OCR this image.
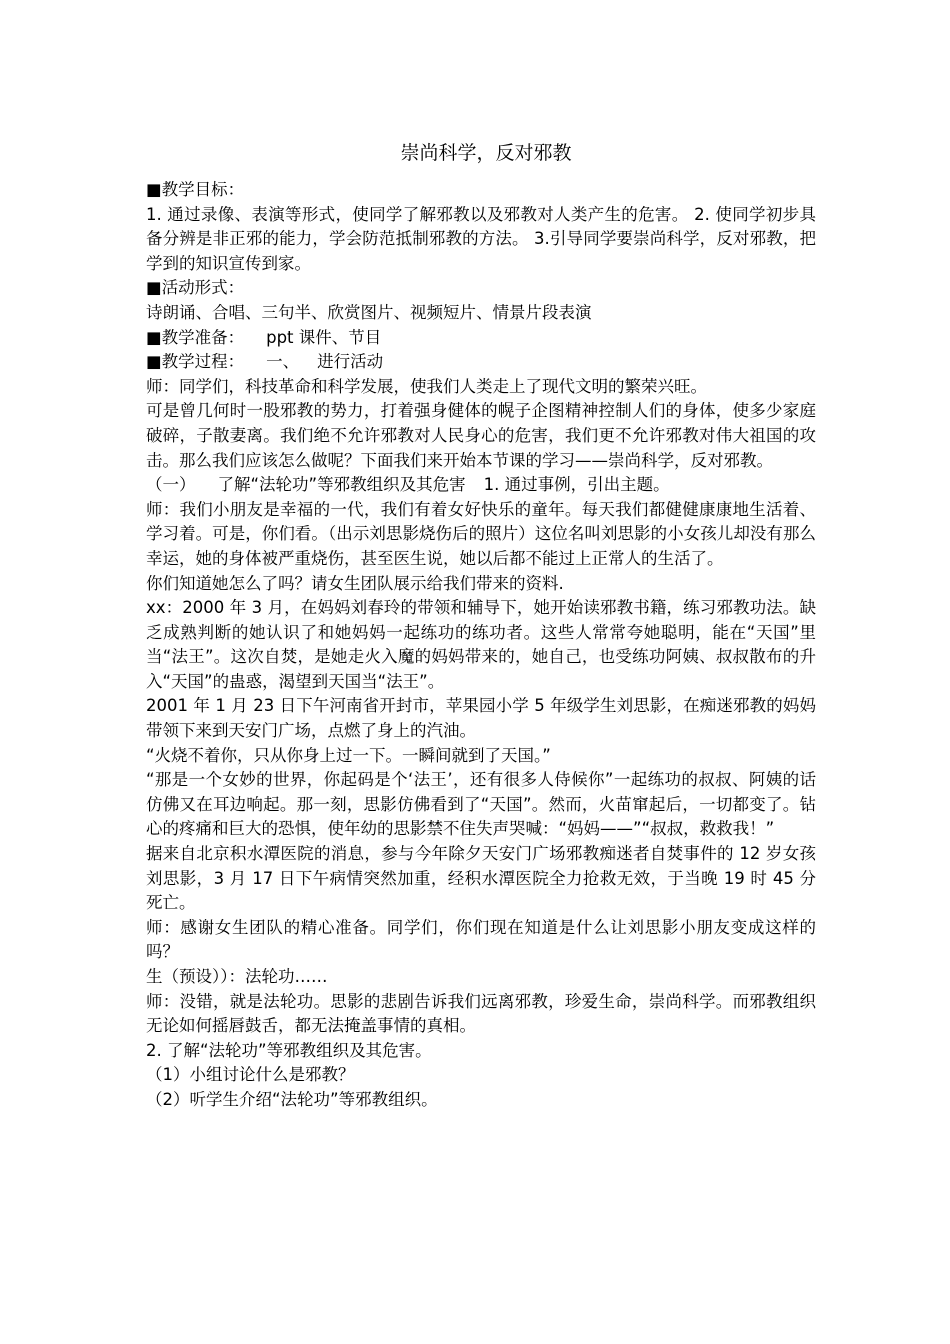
崇尚科学，反对邪教

■教学目标：

1. 通过录像、表演等形式，使同学了解邪教以及邪教对人类产生的危害。 2. 使同学初步具备分辨是非正邪的能力，学会防范抵制邪教的方法。 3.引导同学要崇尚科学，反对邪教，把学到的知识宣传到家。

■活动形式：

诗朗诵、合唱、三句半、欣赏图片、视频短片、情景片段表演

■教学准备： ppt 课件、节目

■教学过程： 一、 进行活动

师：同学们，科技革命和科学发展，使我们人类走上了现代文明的繁荣兴旺。

可是曾几何时一股邪教的势力，打着强身健体的幌子企图精神控制人们的身体，使多少家庭破碎，子散妻离。我们绝不允许邪教对人民身心的危害，我们更不允许邪教对伟大祖国的攻击。那么我们应该怎么做呢？下面我们来开始本节课的学习——崇尚科学，反对邪教。

（一） 了解“法轮功”等邪教组织及其危害 1. 通过事例，引出主题。

师：我们小朋友是幸福的一代，我们有着女好快乐的童年。每天我们都健健康康地生活着、学习着。可是，你们看。（出示刘思影烧伤后的照片）这位名叫刘思影的小女孩儿却没有那么幸运，她的身体被严重烧伤，甚至医生说，她以后都不能过上正常人的生活了。

你们知道她怎么了吗？请女生团队展示给我们带来的资料.

xx：2000 年 3 月，在妈妈刘春玲的带领和辅导下，她开始读邪教书籍，练习邪教功法。缺乏成熟判断的她认识了和她妈妈一起练功的练功者。这些人常常夸她聪明，能在“天国”里当“法王”。这次自焚，是她走火入魔的妈妈带来的，她自己，也受练功阿姨、叔叔散布的升入“天国”的蛊惑，渴望到天国当“法王”。

2001 年 1 月 23 日下午河南省开封市，苹果园小学 5 年级学生刘思影，在痴迷邪教的妈妈带领下来到天安门广场，点燃了身上的汽油。

“火烧不着你，只从你身上过一下。一瞬间就到了天国。”

“那是一个女妙的世界，你起码是个‘法王’，还有很多人侍候你”一起练功的叔叔、阿姨的话仿佛又在耳边响起。那一刻，思影仿佛看到了“天国”。然而，火苗窜起后，一切都变了。钻心的疼痛和巨大的恐惧，使年幼的思影禁不住失声哭喊：“妈妈——”“叔叔，救救我！”

据来自北京积水潭医院的消息，参与今年除夕天安门广场邪教痴迷者自焚事件的 12 岁女孩刘思影，3 月 17 日下午病情突然加重，经积水潭医院全力抢救无效，于当晚 19 时 45 分死亡。

师：感谢女生团队的精心准备。同学们，你们现在知道是什么让刘思影小朋友变成这样的吗？

生（预设））：法轮功……

师：没错，就是法轮功。思影的悲剧告诉我们远离邪教，珍爱生命，崇尚科学。而邪教组织无论如何摇唇鼓舌，都无法掩盖事情的真相。

2. 了解“法轮功”等邪教组织及其危害。

（1）小组讨论什么是邪教？

（2）听学生介绍“法轮功”等邪教组织。
